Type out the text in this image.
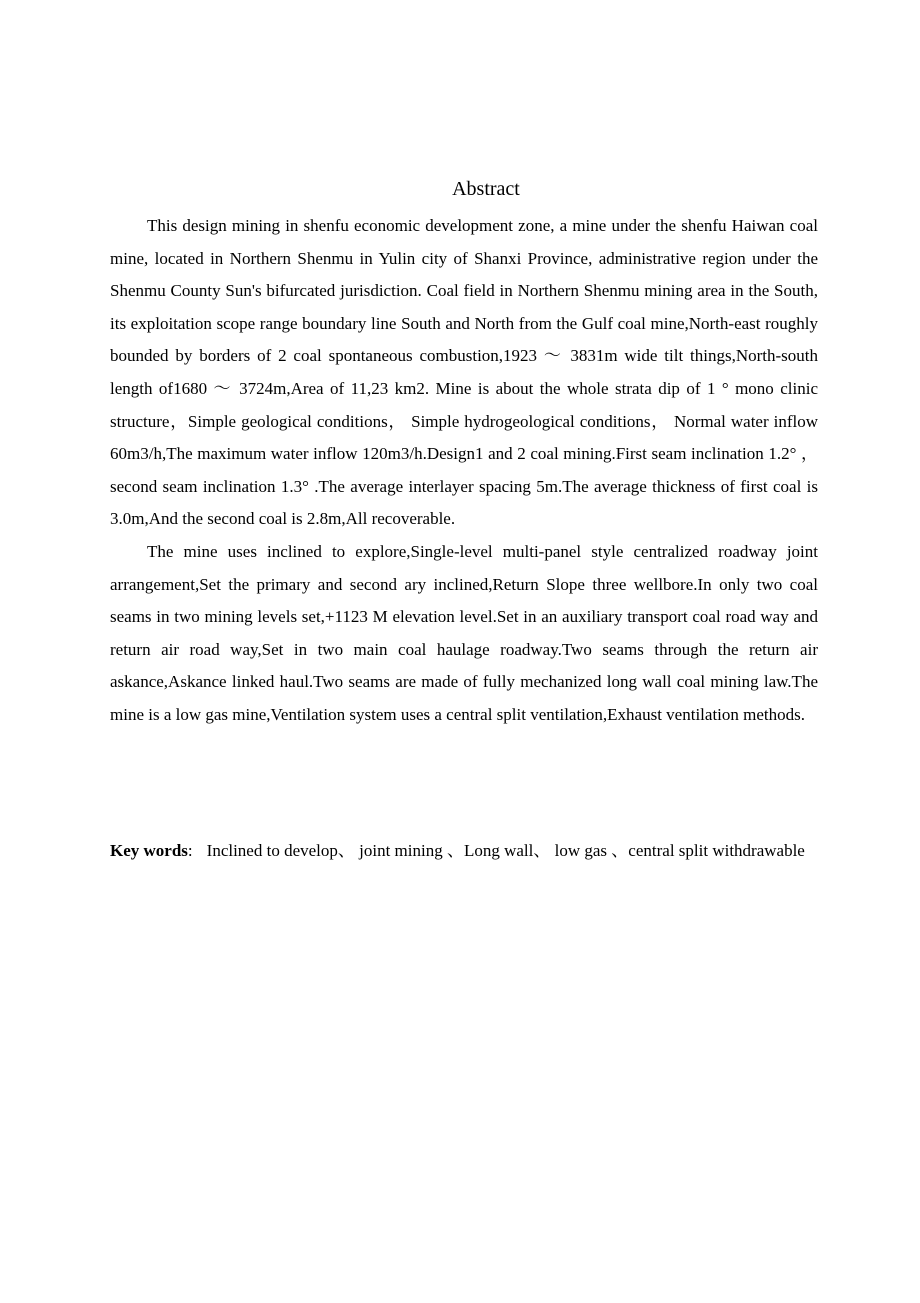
Abstract

This design mining in shenfu economic development zone, a mine under the shenfu Haiwan coal mine, located in Northern Shenmu in Yulin city of Shanxi Province, administrative region under the Shenmu County Sun's bifurcated jurisdiction. Coal field in Northern Shenmu mining area in the South, its exploitation scope range boundary line South and North from the Gulf coal mine,North-east roughly bounded by borders of 2 coal spontaneous combustion,1923 ～ 3831m wide tilt things,North-south length of1680 ～ 3724m,Area of 11,23 km2. Mine is about the whole strata dip of 1 ° mono clinic structure，Simple geological conditions， Simple hydrogeological conditions， Normal water inflow 60m3/h,The maximum water inflow 120m3/h.Design1 and 2 coal mining.First seam inclination 1.2° ， second seam inclination 1.3° .The average interlayer spacing 5m.The average thickness of first coal is 3.0m,And the second coal is 2.8m,All recoverable.

The mine uses inclined to explore,Single-level multi-panel style centralized roadway joint arrangement,Set the primary and second ary inclined,Return Slope three wellbore.In only two coal seams in two mining levels set,+1123 M elevation level.Set in an auxiliary transport coal road way and return air road way,Set in two main coal haulage roadway.Two seams through the return air askance,Askance linked haul.Two seams are made of fully mechanized long wall coal mining law.The mine is a low gas mine,Ventilation system uses a central split ventilation,Exhaust ventilation methods.

Key words: Inclined to develop、 joint mining 、Long wall、 low gas 、central split withdrawable
